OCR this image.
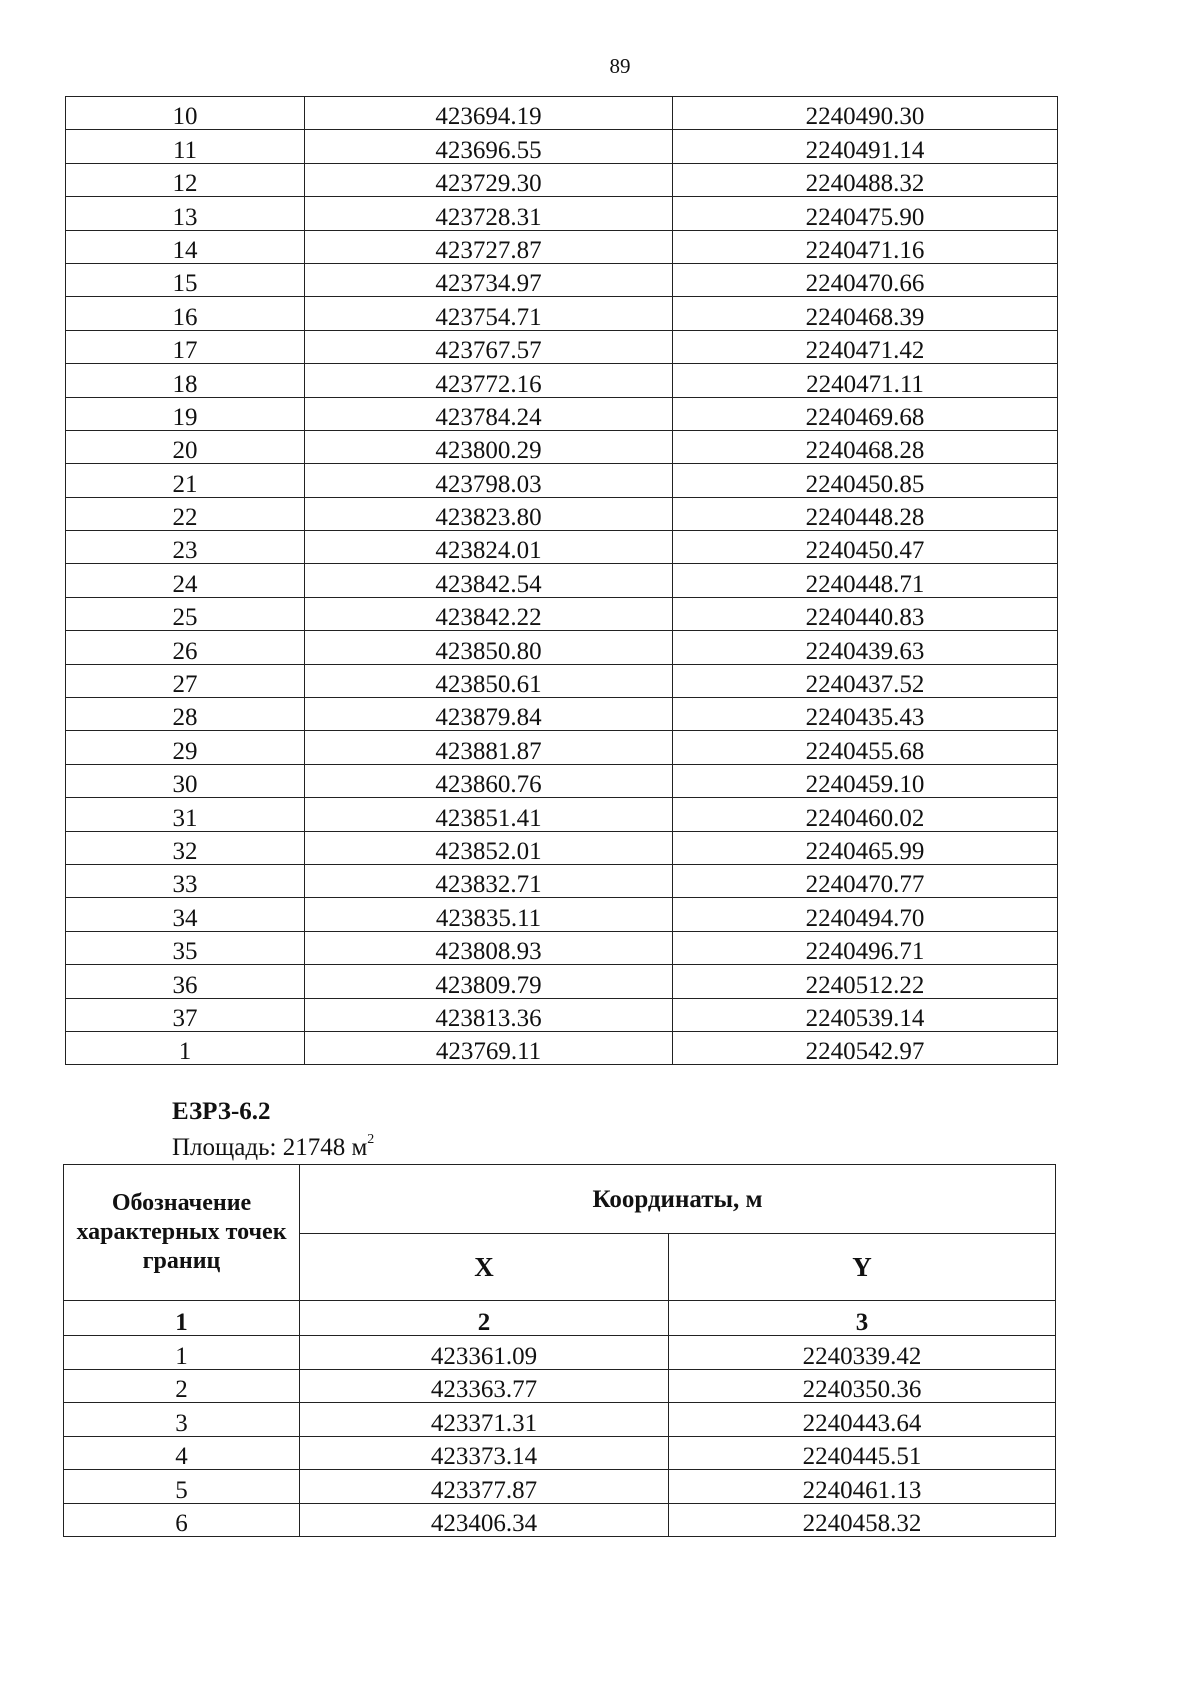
89
10	423694.19	2240490.30
11	423696.55	2240491.14
12	423729.30	2240488.32
13	423728.31	2240475.90
14	423727.87	2240471.16
15	423734.97	2240470.66
16	423754.71	2240468.39
17	423767.57	2240471.42
18	423772.16	2240471.11
19	423784.24	2240469.68
20	423800.29	2240468.28
21	423798.03	2240450.85
22	423823.80	2240448.28
23	423824.01	2240450.47
24	423842.54	2240448.71
25	423842.22	2240440.83
26	423850.80	2240439.63
27	423850.61	2240437.52
28	423879.84	2240435.43
29	423881.87	2240455.68
30	423860.76	2240459.10
31	423851.41	2240460.02
32	423852.01	2240465.99
33	423832.71	2240470.77
34	423835.11	2240494.70
35	423808.93	2240496.71
36	423809.79	2240512.22
37	423813.36	2240539.14
1	423769.11	2240542.97
ЕЗРЗ-6.2
Площадь: 21748 $м^2$
Обозначение характерных точек границ	Координаты, м	
	X	Y
1	2	3
1	423361.09	2240339.42
2	423363.77	2240350.36
3	423371.31	2240443.64
4	423373.14	2240445.51
5	423377.87	2240461.13
6	423406.34	2240458.32
